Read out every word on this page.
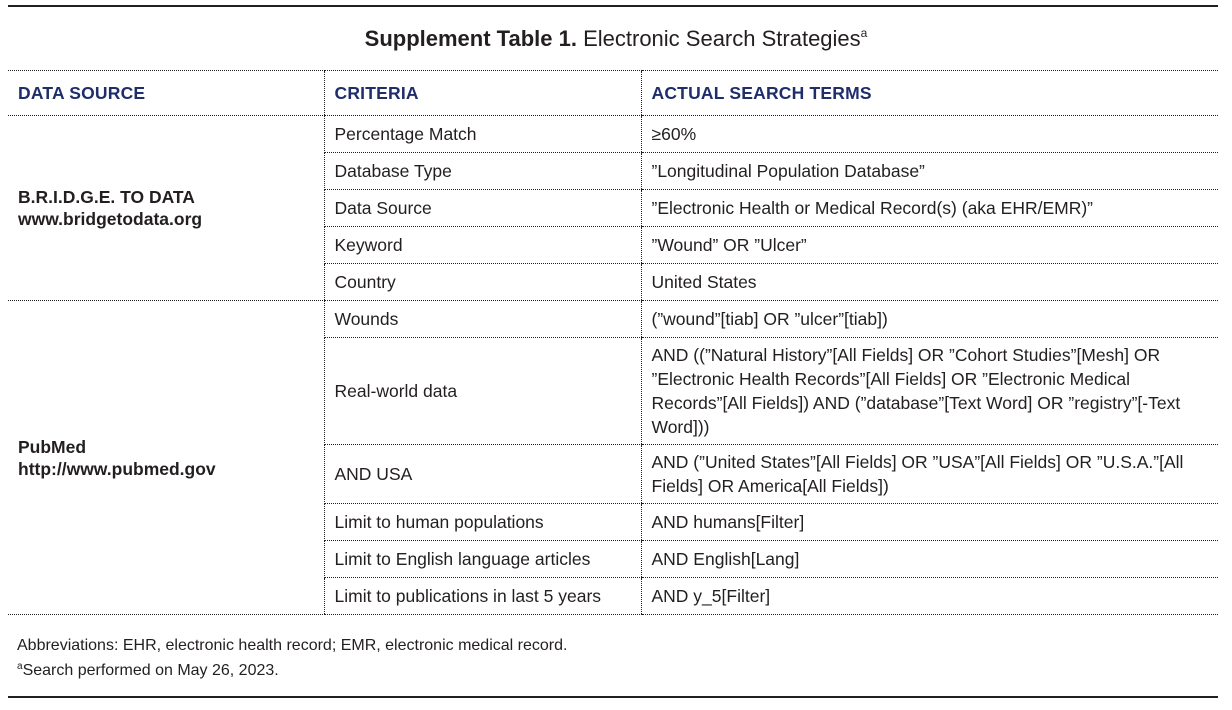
Supplement Table 1. Electronic Search Strategies$^a$
DATA SOURCE	CRITERIA	ACTUAL SEARCH TERMS

B.R.I.D.G.E. TO DATA
www.bridgetodata.org	Percentage Match	≥60%
	Database Type	”Longitudinal Population Database”
	Data Source	”Electronic Health or Medical Record(s) (aka EHR/EMR)”
	Keyword	”Wound” OR ”Ulcer”
	Country	United States

PubMed
http://www.pubmed.gov	Wounds	(”wound”[tiab] OR ”ulcer”[tiab])
	Real-world data	AND ((”Natural History”[All Fields] OR ”Cohort Studies”[Mesh] OR ”Electronic Health Records”[All Fields] OR ”Electronic Medical Records”[All Fields]) AND (”database”[Text Word] OR ”registry”[-Text Word]))
	AND USA	AND (”United States”[All Fields] OR ”USA”[All Fields] OR ”U.S.A.”[All Fields] OR America[All Fields])
	Limit to human populations	AND humans[Filter]
	Limit to English language articles	AND English[Lang]
	Limit to publications in last 5 years	AND y_5[Filter]
Abbreviations: EHR, electronic health record; EMR, electronic medical record.
$^a$Search performed on May 26, 2023.
